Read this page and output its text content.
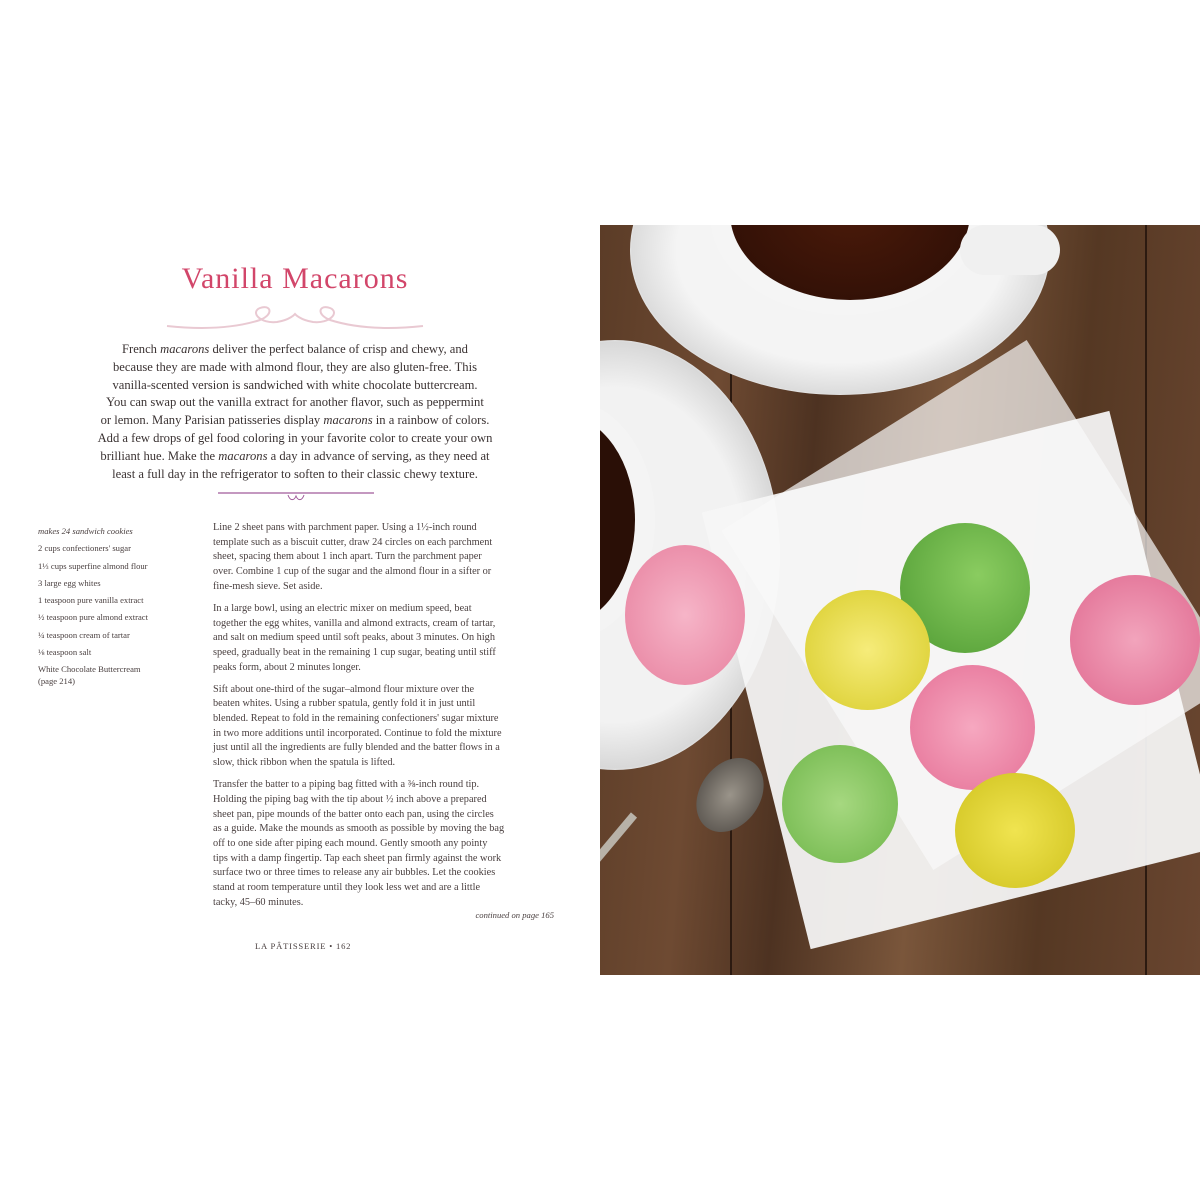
Vanilla Macarons
French macarons deliver the perfect balance of crisp and chewy, and
because they are made with almond flour, they are also gluten-free. This
vanilla-scented version is sandwiched with white chocolate buttercream.
You can swap out the vanilla extract for another flavor, such as peppermint
or lemon. Many Parisian patisseries display macarons in a rainbow of colors.
Add a few drops of gel food coloring in your favorite color to create your own
brilliant hue. Make the macarons a day in advance of serving, as they need at
least a full day in the refrigerator to soften to their classic chewy texture.
makes 24 sandwich cookies
2 cups confectioners' sugar
1⅓ cups superfine almond flour
3 large egg whites
1 teaspoon pure vanilla extract
½ teaspoon pure almond extract
¼ teaspoon cream of tartar
⅛ teaspoon salt
White Chocolate Buttercream
(page 214)

Line 2 sheet pans with parchment paper. Using a 1½-inch round
template such as a biscuit cutter, draw 24 circles on each parchment
sheet, spacing them about 1 inch apart. Turn the parchment paper
over. Combine 1 cup of the sugar and the almond flour in a sifter or
fine-mesh sieve. Set aside.

In a large bowl, using an electric mixer on medium speed, beat
together the egg whites, vanilla and almond extracts, cream of tartar,
and salt on medium speed until soft peaks, about 3 minutes. On high
speed, gradually beat in the remaining 1 cup sugar, beating until stiff
peaks form, about 2 minutes longer.

Sift about one-third of the sugar–almond flour mixture over the
beaten whites. Using a rubber spatula, gently fold it in just until
blended. Repeat to fold in the remaining confectioners' sugar mixture
in two more additions until incorporated. Continue to fold the mixture
just until all the ingredients are fully blended and the batter flows in a
slow, thick ribbon when the spatula is lifted.

Transfer the batter to a piping bag fitted with a ⅜-inch round tip.
Holding the piping bag with the tip about ½ inch above a prepared
sheet pan, pipe mounds of the batter onto each pan, using the circles
as a guide. Make the mounds as smooth as possible by moving the bag
off to one side after piping each mound. Gently smooth any pointy
tips with a damp fingertip. Tap each sheet pan firmly against the work
surface two or three times to release any air bubbles. Let the cookies
stand at room temperature until they look less wet and are a little
tacky, 45–60 minutes.

continued on page 165
LA PÂTISSERIE • 162
